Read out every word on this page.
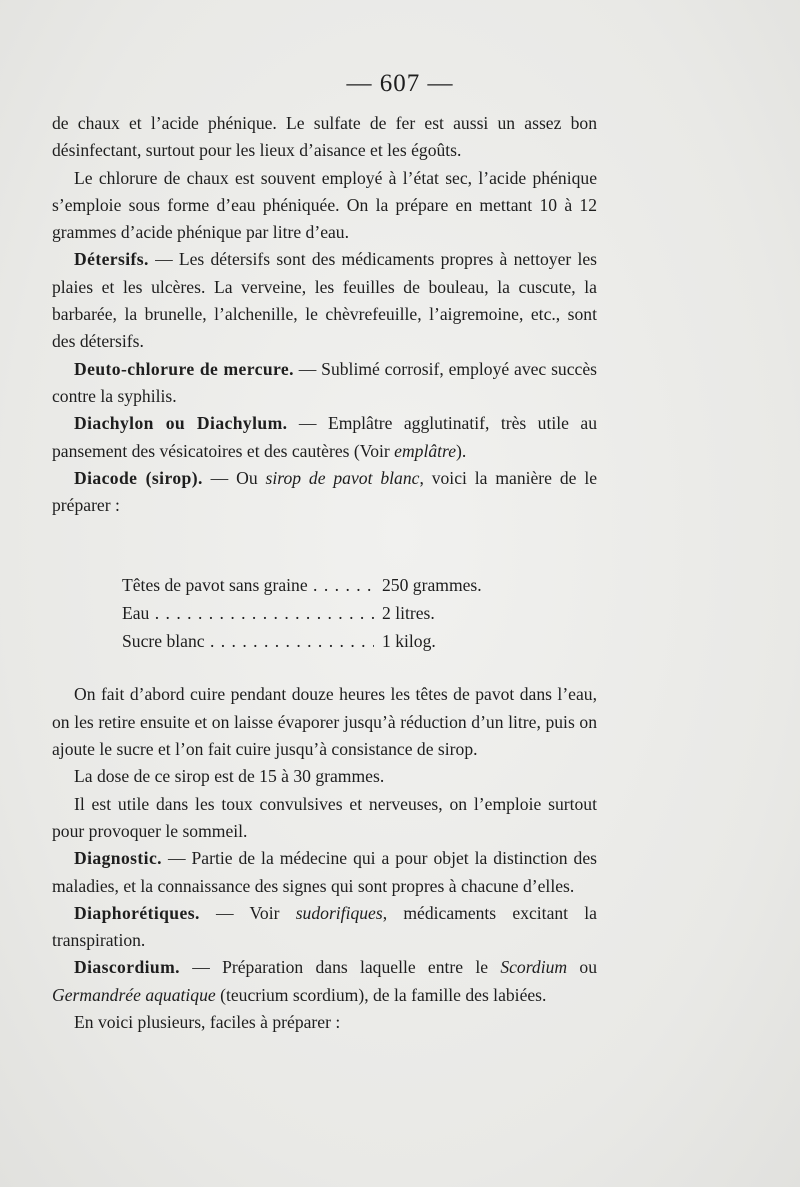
— 607 —

de chaux et l’acide phénique. Le sulfate de fer est aussi un assez bon désinfectant, surtout pour les lieux d’aisance et les égoûts.

Le chlorure de chaux est souvent employé à l’état sec, l’acide phénique s’emploie sous forme d’eau phéniquée. On la prépare en mettant 10 à 12 grammes d’acide phénique par litre d’eau.

Détersifs. — Les détersifs sont des médicaments propres à nettoyer les plaies et les ulcères. La verveine, les feuilles de bouleau, la cuscute, la barbarée, la brunelle, l’alchenille, le chèvrefeuille, l’aigremoine, etc., sont des détersifs.

Deuto-chlorure de mercure. — Sublimé corrosif, employé avec succès contre la syphilis.

Diachylon ou Diachylum. — Emplâtre agglutinatif, très utile au pansement des vésicatoires et des cautères (Voir emplâtre).

Diacode (sirop). — Ou sirop de pavot blanc, voici la manière de le préparer :

Têtes de pavot sans graine . . .	250 grammes.
Eau . . .	2 litres.
Sucre blanc . . .	1 kilog.

On fait d’abord cuire pendant douze heures les têtes de pavot dans l’eau, on les retire ensuite et on laisse évaporer jusqu’à réduction d’un litre, puis on ajoute le sucre et l’on fait cuire jusqu’à consistance de sirop.

La dose de ce sirop est de 15 à 30 grammes.

Il est utile dans les toux convulsives et nerveuses, on l’emploie surtout pour provoquer le sommeil.

Diagnostic. — Partie de la médecine qui a pour objet la distinction des maladies, et la connaissance des signes qui sont propres à chacune d’elles.

Diaphorétiques. — Voir sudorifiques, médicaments excitant la transpiration.

Diascordium. — Préparation dans laquelle entre le Scordium ou Germandrée aquatique (teucrium scordium), de la famille des labiées.

En voici plusieurs, faciles à préparer :
